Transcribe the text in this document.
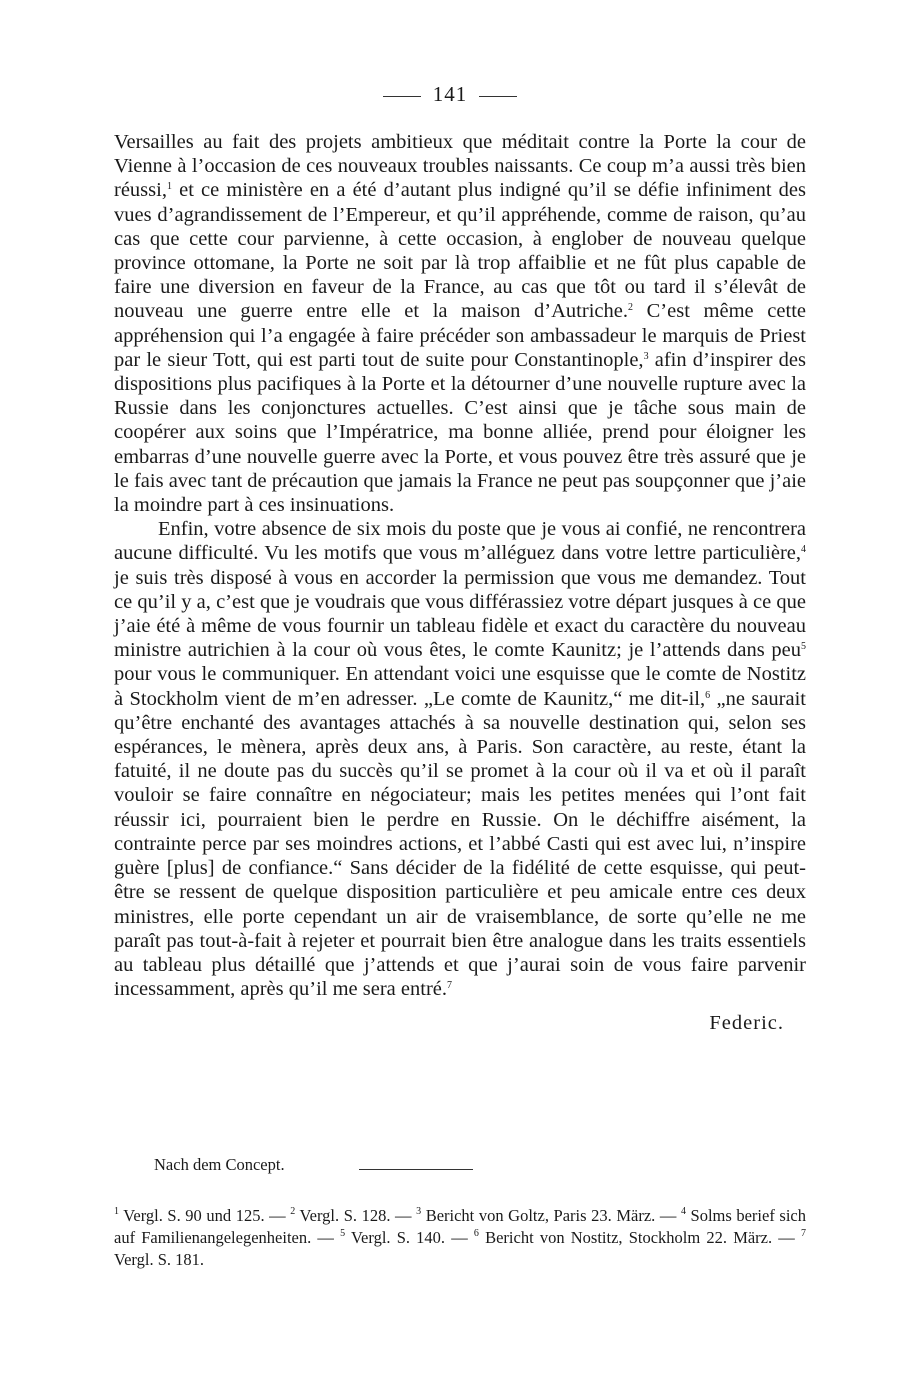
141

Versailles au fait des projets ambitieux que méditait contre la Porte la cour de Vienne à l’occasion de ces nouveaux troubles naissants. Ce coup m’a aussi très bien réussi,$^1$ et ce ministère en a été d’autant plus indigné qu’il se défie infiniment des vues d’agrandissement de l’Empereur, et qu’il appréhende, comme de raison, qu’au cas que cette cour parvienne, à cette occasion, à englober de nouveau quelque province ottomane, la Porte ne soit par là trop affaiblie et ne fût plus capable de faire une diversion en faveur de la France, au cas que tôt ou tard il s’élevât de nouveau une guerre entre elle et la maison d’Autriche.$^2$ C’est même cette appréhension qui l’a engagée à faire précéder son ambassadeur le marquis de Priest par le sieur Tott, qui est parti tout de suite pour Constantinople,$^3$ afin d’inspirer des dispositions plus pacifiques à la Porte et la détourner d’une nouvelle rupture avec la Russie dans les conjonctures actuelles. C’est ainsi que je tâche sous main de coopérer aux soins que l’Impératrice, ma bonne alliée, prend pour éloigner les embarras d’une nouvelle guerre avec la Porte, et vous pouvez être très assuré que je le fais avec tant de précaution que jamais la France ne peut pas soupçonner que j’aie la moindre part à ces insinuations.

Enfin, votre absence de six mois du poste que je vous ai confié, ne rencontrera aucune difficulté. Vu les motifs que vous m’alléguez dans votre lettre particulière,$^4$ je suis très disposé à vous en accorder la permission que vous me demandez. Tout ce qu’il y a, c’est que je voudrais que vous différassiez votre départ jusques à ce que j’aie été à même de vous fournir un tableau fidèle et exact du caractère du nouveau ministre autrichien à la cour où vous êtes, le comte Kaunitz; je l’attends dans peu$^5$ pour vous le communiquer. En attendant voici une esquisse que le comte de Nostitz à Stockholm vient de m’en adresser. „Le comte de Kaunitz,“ me dit-il,$^6$ „ne saurait qu’être enchanté des avantages attachés à sa nouvelle destination qui, selon ses espérances, le mènera, après deux ans, à Paris. Son caractère, au reste, étant la fatuité, il ne doute pas du succès qu’il se promet à la cour où il va et où il paraît vouloir se faire connaître en négociateur; mais les petites menées qui l’ont fait réussir ici, pourraient bien le perdre en Russie. On le déchiffre aisément, la contrainte perce par ses moindres actions, et l’abbé Casti qui est avec lui, n’inspire guère [plus] de confiance.“ Sans décider de la fidélité de cette esquisse, qui peut-être se ressent de quelque disposition particulière et peu amicale entre ces deux ministres, elle porte cependant un air de vraisemblance, de sorte qu’elle ne me paraît pas tout-à-fait à rejeter et pourrait bien être analogue dans les traits essentiels au tableau plus détaillé que j’attends et que j’aurai soin de vous faire parvenir incessamment, après qu’il me sera entré.$^7$

Federic.
Nach dem Concept.

$^1$ Vergl. S. 90 und 125. — $^2$ Vergl. S. 128. — $^3$ Bericht von Goltz, Paris 23. März. — $^4$ Solms berief sich auf Familienangelegenheiten. — $^5$ Vergl. S. 140. — $^6$ Bericht von Nostitz, Stockholm 22. März. — $^7$ Vergl. S. 181.
